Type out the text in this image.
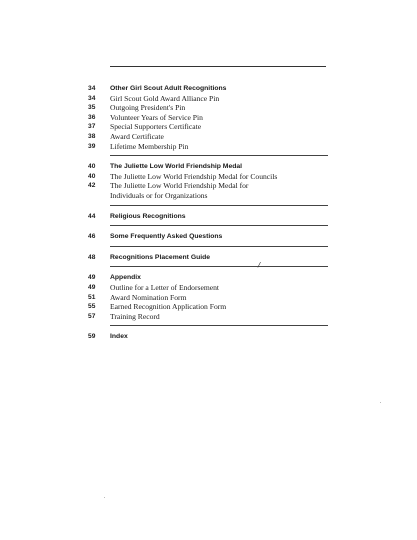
34	Other Girl Scout Adult Recognitions
34	Girl Scout Gold Award Alliance Pin
35	Outgoing President's Pin
36	Volunteer Years of Service Pin
37	Special Supporters Certificate
38	Award Certificate
39	Lifetime Membership Pin
40	The Juliette Low World Friendship Medal
40	The Juliette Low World Friendship Medal for Councils
42	The Juliette Low World Friendship Medal for
Individuals or for Organizations
44	Religious Recognitions
46	Some Frequently Asked Questions
48	Recognitions Placement Guide
/
49	Appendix
49	Outline for a Letter of Endorsement
51	Award Nomination Form
55	Earned Recognition Application Form
57	Training Record
59	Index
